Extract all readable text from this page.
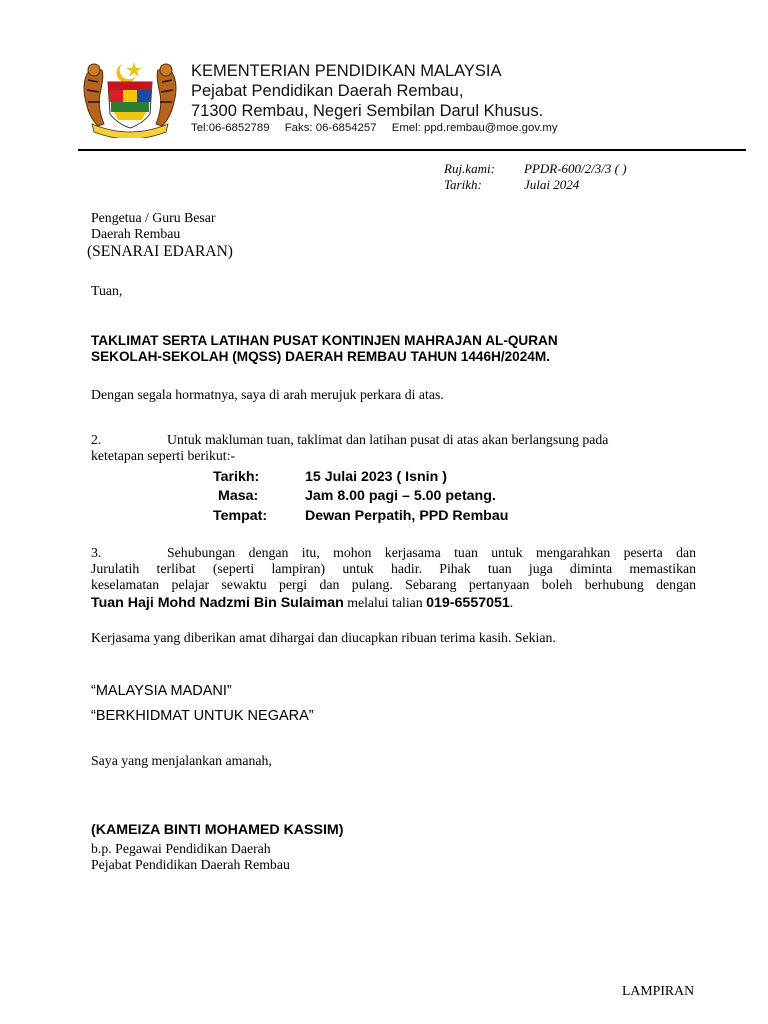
KEMENTERIAN PENDIDIKAN MALAYSIA
Pejabat Pendidikan Daerah Rembau,
71300 Rembau, Negeri Sembilan Darul Khusus.
Tel:06-6852789 Faks: 06-6854257 Emel: ppd.rembau@moe.gov.my
Ruj.kami: PPDR-600/2/3/3 ( )
Tarikh:	Julai 2024
Pengetua / Guru Besar
Daerah Rembau
(SENARAI EDARAN)
Tuan,
TAKLIMAT SERTA LATIHAN PUSAT KONTINJEN MAHRAJAN AL-QURAN
SEKOLAH-SEKOLAH (MQSS) DAERAH REMBAU TAHUN 1446H/2024M.
Dengan segala hormatnya, saya di arah merujuk perkara di atas.
2.	Untuk makluman tuan, taklimat dan latihan pusat di atas akan berlangsung pada
ketetapan seperti berikut:-
Tarikh:	15 Julai 2023 ( Isnin )
Masa:	Jam 8.00 pagi – 5.00 petang.
Tempat:	Dewan Perpatih, PPD Rembau
3.	Sehubungan dengan itu, mohon kerjasama tuan untuk mengarahkan peserta dan
Jurulatih terlibat (seperti lampiran) untuk hadir. Pihak tuan juga diminta memastikan
keselamatan pelajar sewaktu pergi dan pulang. Sebarang pertanyaan boleh berhubung dengan
Tuan Haji Mohd Nadzmi Bin Sulaiman melalui talian 019-6557051.
Kerjasama yang diberikan amat dihargai dan diucapkan ribuan terima kasih. Sekian.
“MALAYSIA MADANI”
“BERKHIDMAT UNTUK NEGARA”
Saya yang menjalankan amanah,
(KAMEIZA BINTI MOHAMED KASSIM)
b.p. Pegawai Pendidikan Daerah
Pejabat Pendidikan Daerah Rembau
LAMPIRAN
